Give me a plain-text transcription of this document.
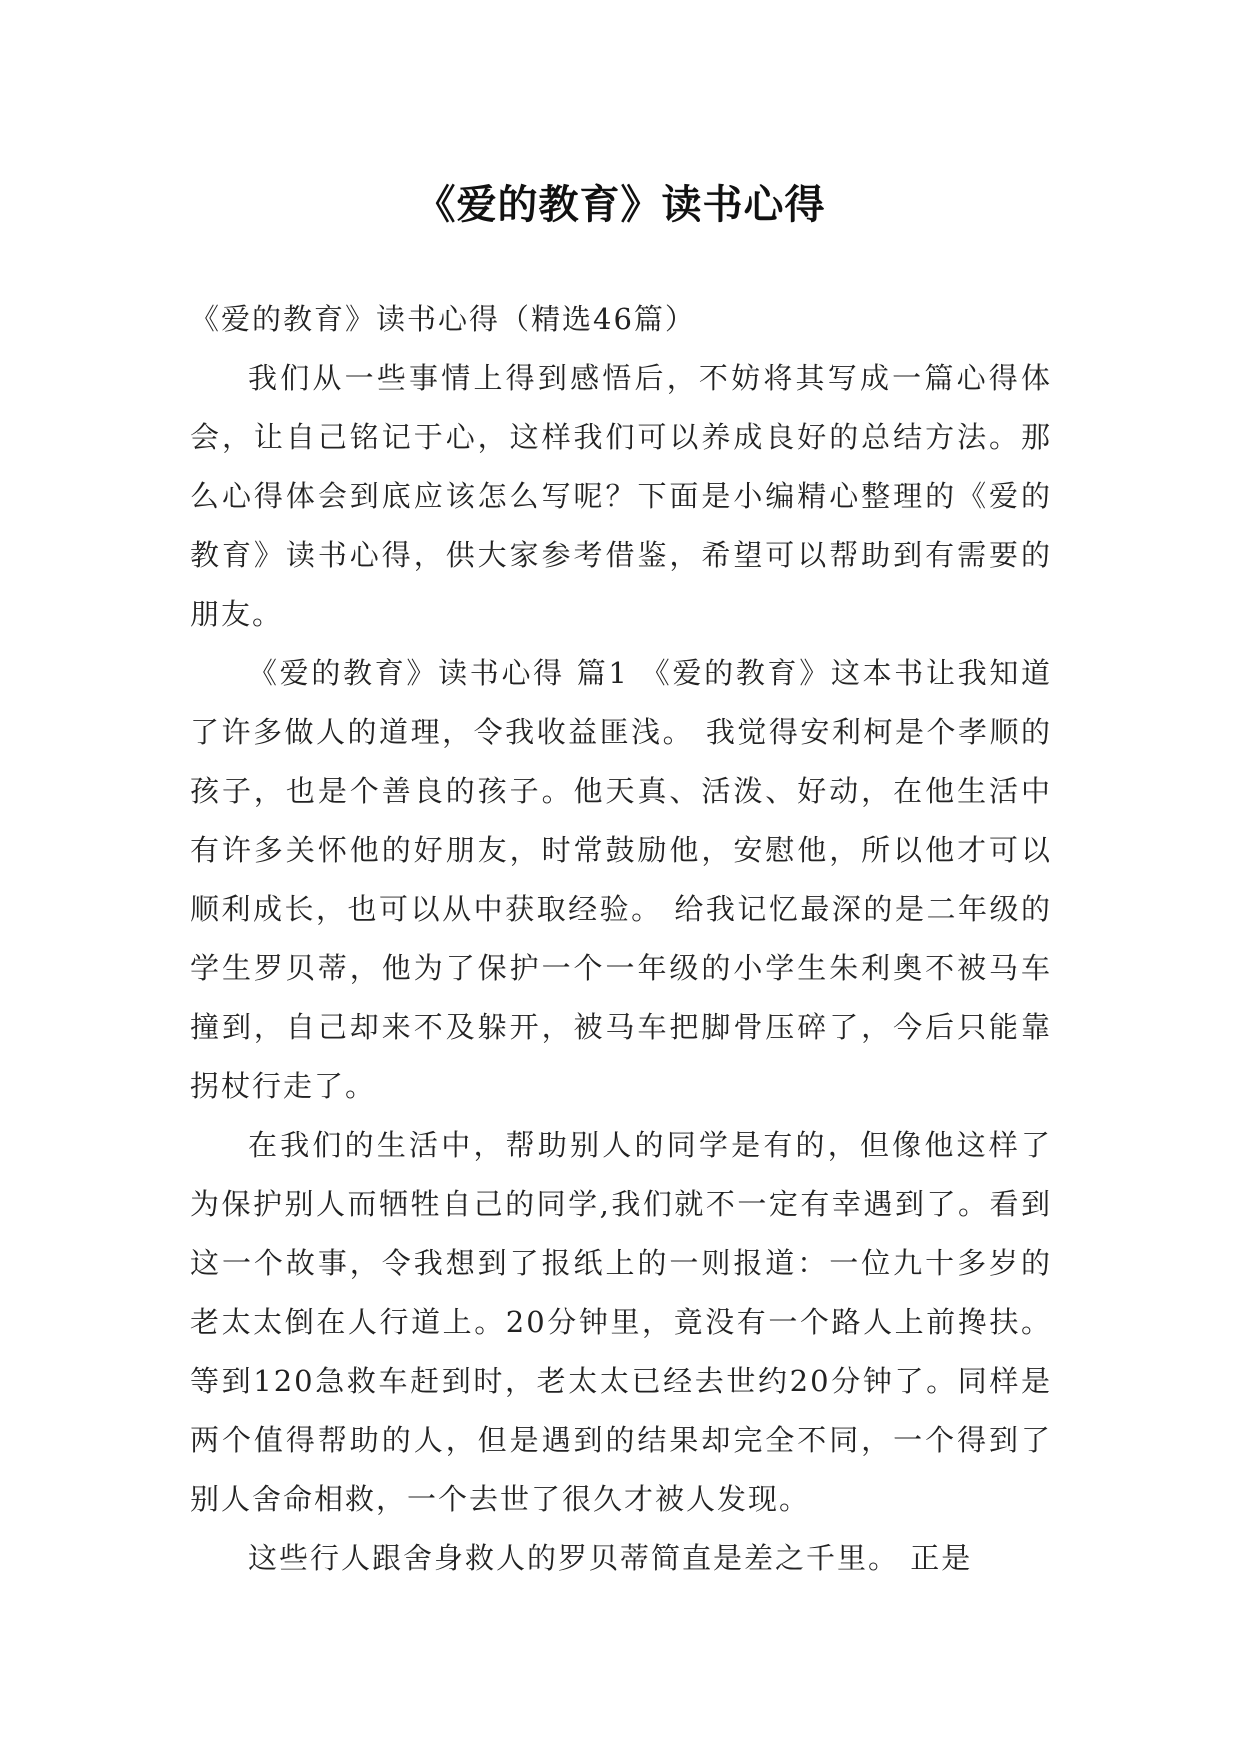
《爱的教育》读书心得

《爱的教育》读书心得（精选46篇）

我们从一些事情上得到感悟后，不妨将其写成一篇心得体会，让自己铭记于心，这样我们可以养成良好的总结方法。那么心得体会到底应该怎么写呢？下面是小编精心整理的《爱的教育》读书心得，供大家参考借鉴，希望可以帮助到有需要的朋友。

《爱的教育》读书心得 篇1 《爱的教育》这本书让我知道了许多做人的道理，令我收益匪浅。 我觉得安利柯是个孝顺的孩子，也是个善良的孩子。他天真、活泼、好动，在他生活中有许多关怀他的好朋友，时常鼓励他，安慰他，所以他才可以顺利成长，也可以从中获取经验。 给我记忆最深的是二年级的学生罗贝蒂，他为了保护一个一年级的小学生朱利奥不被马车撞到，自己却来不及躲开，被马车把脚骨压碎了，今后只能靠拐杖行走了。

在我们的生活中，帮助别人的同学是有的，但像他这样了为保护别人而牺牲自己的同学,我们就不一定有幸遇到了。看到这一个故事，令我想到了报纸上的一则报道：一位九十多岁的老太太倒在人行道上。20分钟里，竟没有一个路人上前搀扶。等到120急救车赶到时，老太太已经去世约20分钟了。同样是两个值得帮助的人，但是遇到的结果却完全不同，一个得到了别人舍命相救，一个去世了很久才被人发现。

这些行人跟舍身救人的罗贝蒂简直是差之千里。 正是
